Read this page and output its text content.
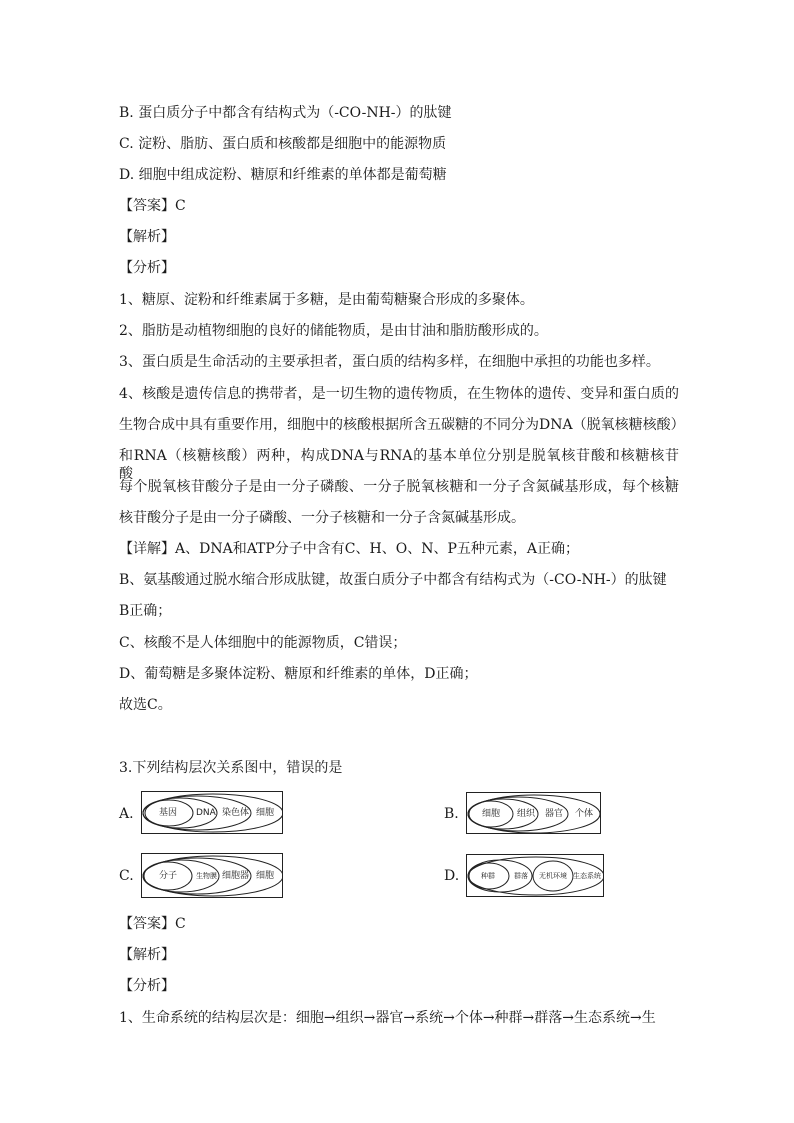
B. 蛋白质分子中都含有结构式为（-CO-NH-）的肽键
C. 淀粉、脂肪、蛋白质和核酸都是细胞中的能源物质
D. 细胞中组成淀粉、糖原和纤维素的单体都是葡萄糖
【答案】C
【解析】
【分析】
1、糖原、淀粉和纤维素属于多糖，是由葡萄糖聚合形成的多聚体。
2、脂肪是动植物细胞的良好的储能物质，是由甘油和脂肪酸形成的。
3、蛋白质是生命活动的主要承担者，蛋白质的结构多样，在细胞中承担的功能也多样。
4、核酸是遗传信息的携带者，是一切生物的遗传物质，在生物体的遗传、变异和蛋白质的
生物合成中具有重要作用，细胞中的核酸根据所含五碳糖的不同分为DNA（脱氧核糖核酸）
和RNA（核糖核酸）两种，构成DNA与RNA的基本单位分别是脱氧核苷酸和核糖核苷酸，
每个脱氧核苷酸分子是由一分子磷酸、一分子脱氧核糖和一分子含氮碱基形成，每个核糖
核苷酸分子是由一分子磷酸、一分子核糖和一分子含氮碱基形成。
【详解】A、DNA和ATP分子中含有C、H、O、N、P五种元素，A正确；
B、氨基酸通过脱水缩合形成肽键，故蛋白质分子中都含有结构式为（-CO-NH-）的肽键
B正确；
C、核酸不是人体细胞中的能源物质，C错误；
D、葡萄糖是多聚体淀粉、糖原和纤维素的单体，D正确；
故选C。
3.下列结构层次关系图中，错误的是
A.	基因 DNA 染色体 细胞	B.	细胞 组织 器官 个体
C.	分子	生物膜 细胞器 细胞	D.	种群	群落 无机环境 生态系统
【答案】C
【解析】
【分析】
1、生命系统的结构层次是：细胞→组织→器官→系统→个体→种群→群落→生态系统→生
